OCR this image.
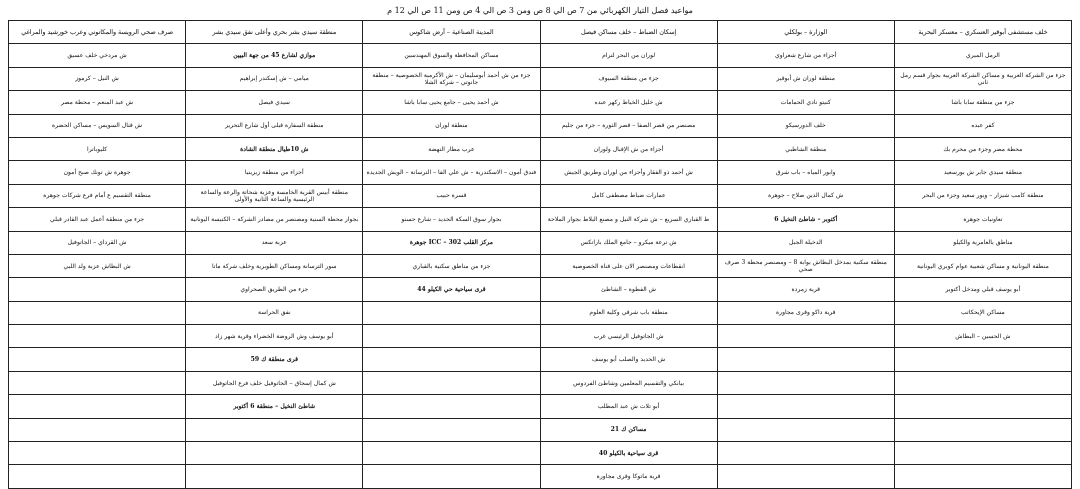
مواعيد فصل التيار الكهربائي من 7 ص الي 8 ص ومن 3 ص الي 4 ص ومن 11 ص الي 12 م
خلف مستشفى أبوقير العسكري – معسكر البحرية	الوزارة – بولكلي	إسكان الضباط – خلف مساكن فيصل	المدينة الصناعية – أرض شاكوس	منطقة سيدي بشر بحري وأعلى نفق سيدي بشر	صرف صحي الرويسة والمكانوني وعرب خورشيد والمراغي
الرمل الميري	أجزاء من شارع شعراوي	لوران من البحر لترام	مساكن المحافظة والسوق المهندسين	موازي لشارع 45 من جهة البيين	ش مردخي خلف عسيق
جزء من الشركة العربية و مساكن الشركة العربية بجوار قسم رمل ثاني	منطقة لوران ش أبوقير	جزء من منطقة السيوف	جزء من ش أحمد أبوسليمان – ش الأكرمية الخصوصية – منطقة جانوتي – شركة الشلا	ميامي – ش إسكندر إبراهيم	ش النيل – كرموز
جزء من منطقة سابا باشا	كنيتو نادي الحمامات	ش خليل الخياط ركهر عبده	ش أحمد يحيى – جامع يحيى سابا باشا	سيدي فيصل	ش عبد المنعم – محطة مصر
كفر عبده	خلف الدورسيكو	مصنصر من قصر الصفا – قصر الثورة – جزء من جليم	منطقة لوران	منطقة السفارة قبلى أول شارع التحرير	ش قنال السويس – مساكن الحضرة
محطة مصر وجزء من محرم بك	منطقة الشاطبي	أجزاء من ش الإقبال ولوران	عرب مطار النهضة	ش 10طيال منطقة الشادة	كليوباترا
منطقة سيدي جابر ش بورسعيد	وابور المياه – باب شرق	ش أحمد ذو الفقار وأجزاء من لوران وطريق الجيش	فندق أمون – الاسكندرية – ش علي الفا – الترسانة – الويش الجديدة	أجزاء من منطقة زيزينيا	جوهرة ش تونك صبح أمون
منطقة كامب شيزار – وبور سعيد وجزء من البحر	ش كمال الدين صلاح – جوهرة	عمارات ضباط مصطفى كامل	قسرة حبيب	منطقة أبيس القرية الخامسة وعزبة شحاتة والرعة والساعة الرئيسية والساعة الثانية والأولى	منطقة التقسيم ع أمام فرع شركات جوهرة
تعاونيات جوهرة	أكتوبر – شاطئ النخيل 6	ط القباري السريع – ش شركة النيل و مصنع البلاط بجوار الملاحة	بجوار سوق السكة الحديد – شارع حسنو	بجوار محطة السنية ومصنصر من مصادر الشركة – الكنيسة اليونانية	جزء من منطقة أعمل عبد القادر قبلي
مناطق بالعامرية والكيلو	الدخيلة الجبل	ش ترعة ميكرو – جامع الملك باراتكس	مركز القلب ICC – 302 جوهرة	عزبة سعد	ش القرداي – الجاتوفيل
منطقة اليونانية و مساكن شعبية عوام كوبري اليونانية	منطقة سكنية بمدخل البطاش بوابة 8 – ومصنصر محطة 3 صرف صحي	انقطاعات ومصنصر الان على قناة الخصوصية	جزء من مناطق سكنية بالقباري	سور الترسانة ومساكن الطوبرية وخلف شركة ماتا	ش البطاش عزبة ولد اللبي
أبو يوسف قبلي ومدخل أكتوبر	قرية زمردة	ش الفطوة – الشاطئ	قرى سياحية حي الكيلو 44	جزء من الطريق الصحراوي	
مساكن الإيحكاتب	قرية داكو وقرى مجاورة	منطقة باب شرقي وكلية العلوم		نفق الحراسة	
ش الحسين – البطاش		ش الجاتوفيل الرئيسي غرب		أبو يوسف وش الروضة الخضراء وقرية شهر زاد	
		ش الحديد والصلب أبو يوسف		قرى منطقة ك 59	
		بيانكي والتقسيم المعلمين وشاطئ الفردوس		ش كمال إسحاق – الجاتوفيل خلف فرع الجاتوفيل	
		أبو تلات ش عبد المطلب		شاطئ النخيل – منطقة 6 أكتوبر	
		مساكن ك 21			
		قرى سياحية بالكيلو 40			
		قرية ماتوكا وقرى مجاورة			
